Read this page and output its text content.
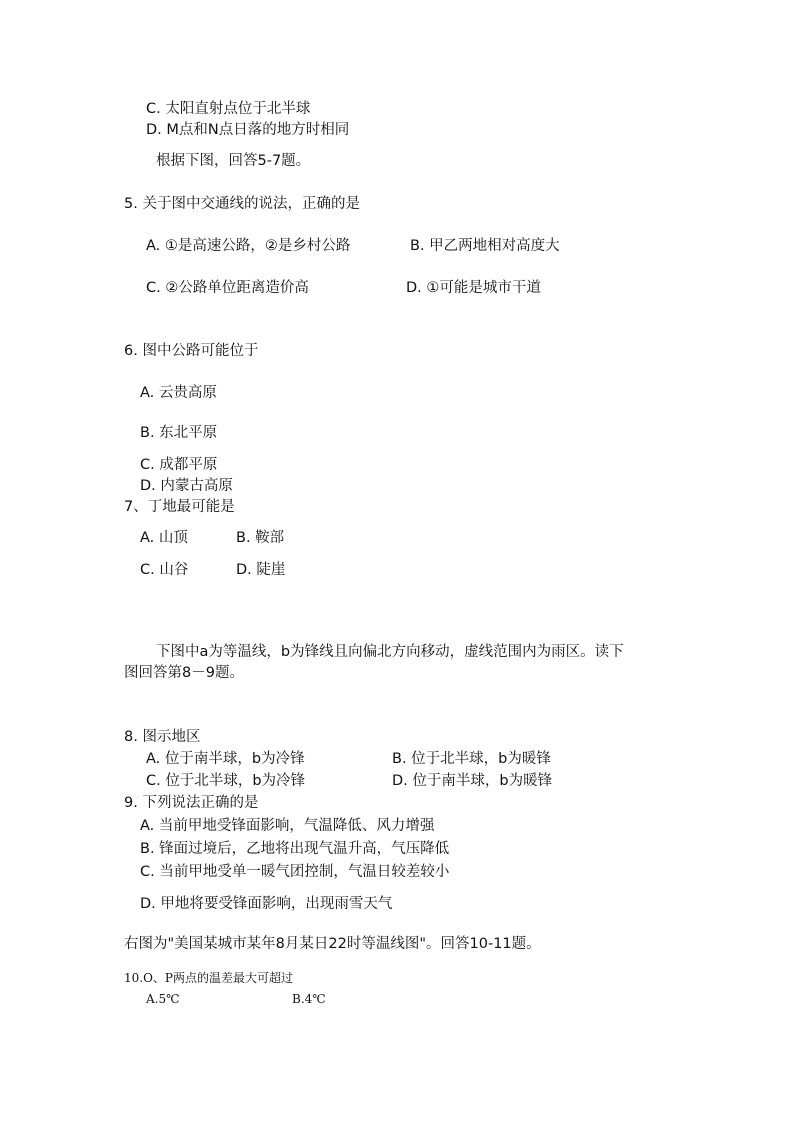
C. 太阳直射点位于北半球
D. M点和N点日落的地方时相同
根据下图，回答5-7题。
5. 关于图中交通线的说法，正确的是
A. ①是高速公路，②是乡村公路	B. 甲乙两地相对高度大
C. ②公路单位距离造价高	D. ①可能是城市干道
6. 图中公路可能位于
A. 云贵高原
B. 东北平原
C. 成都平原
D. 内蒙古高原
7、丁地最可能是
A. 山顶	B. 鞍部
C. 山谷	D. 陡崖
下图中a为等温线，b为锋线且向偏北方向移动，虚线范围内为雨区。读下
图回答第8－9题。
8. 图示地区
A. 位于南半球，b为冷锋	B. 位于北半球，b为暖锋
C. 位于北半球，b为冷锋	D. 位于南半球，b为暖锋
9. 下列说法正确的是
A. 当前甲地受锋面影响，气温降低、风力增强
B. 锋面过境后，乙地将出现气温升高，气压降低
C. 当前甲地受单一暖气团控制，气温日较差较小
D. 甲地将要受锋面影响，出现雨雪天气
右图为"美国某城市某年8月某日22时等温线图"。回答10-11题。
10.O、P两点的温差最大可超过
A.5℃	B.4℃
